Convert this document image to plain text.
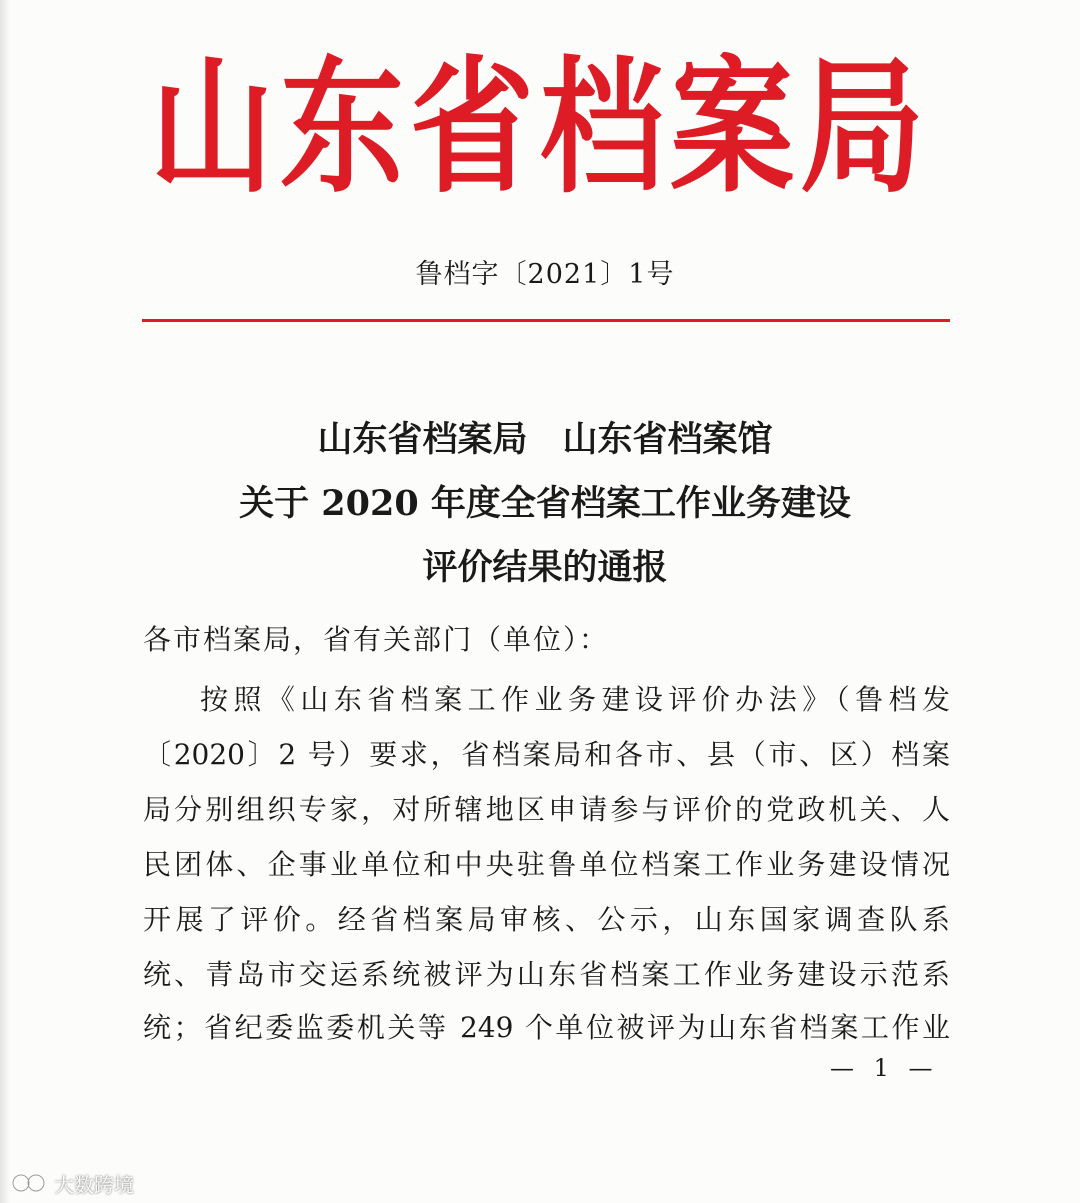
山东省档案局
鲁档字〔2021〕1号
山东省档案局　山东省档案馆
关于 2020 年度全省档案工作业务建设
评价结果的通报
各市档案局，省有关部门（单位）：
按照《山东省档案工作业务建设评价办法》（鲁档发
〔2020〕2 号）要求，省档案局和各市、县（市、区）档案
局分别组织专家，对所辖地区申请参与评价的党政机关、人
民团体、企事业单位和中央驻鲁单位档案工作业务建设情况
开展了评价。经省档案局审核、公示，山东国家调查队系
统、青岛市交运系统被评为山东省档案工作业务建设示范系
统；省纪委监委机关等 249 个单位被评为山东省档案工作业
— 1 —
大数跨境
